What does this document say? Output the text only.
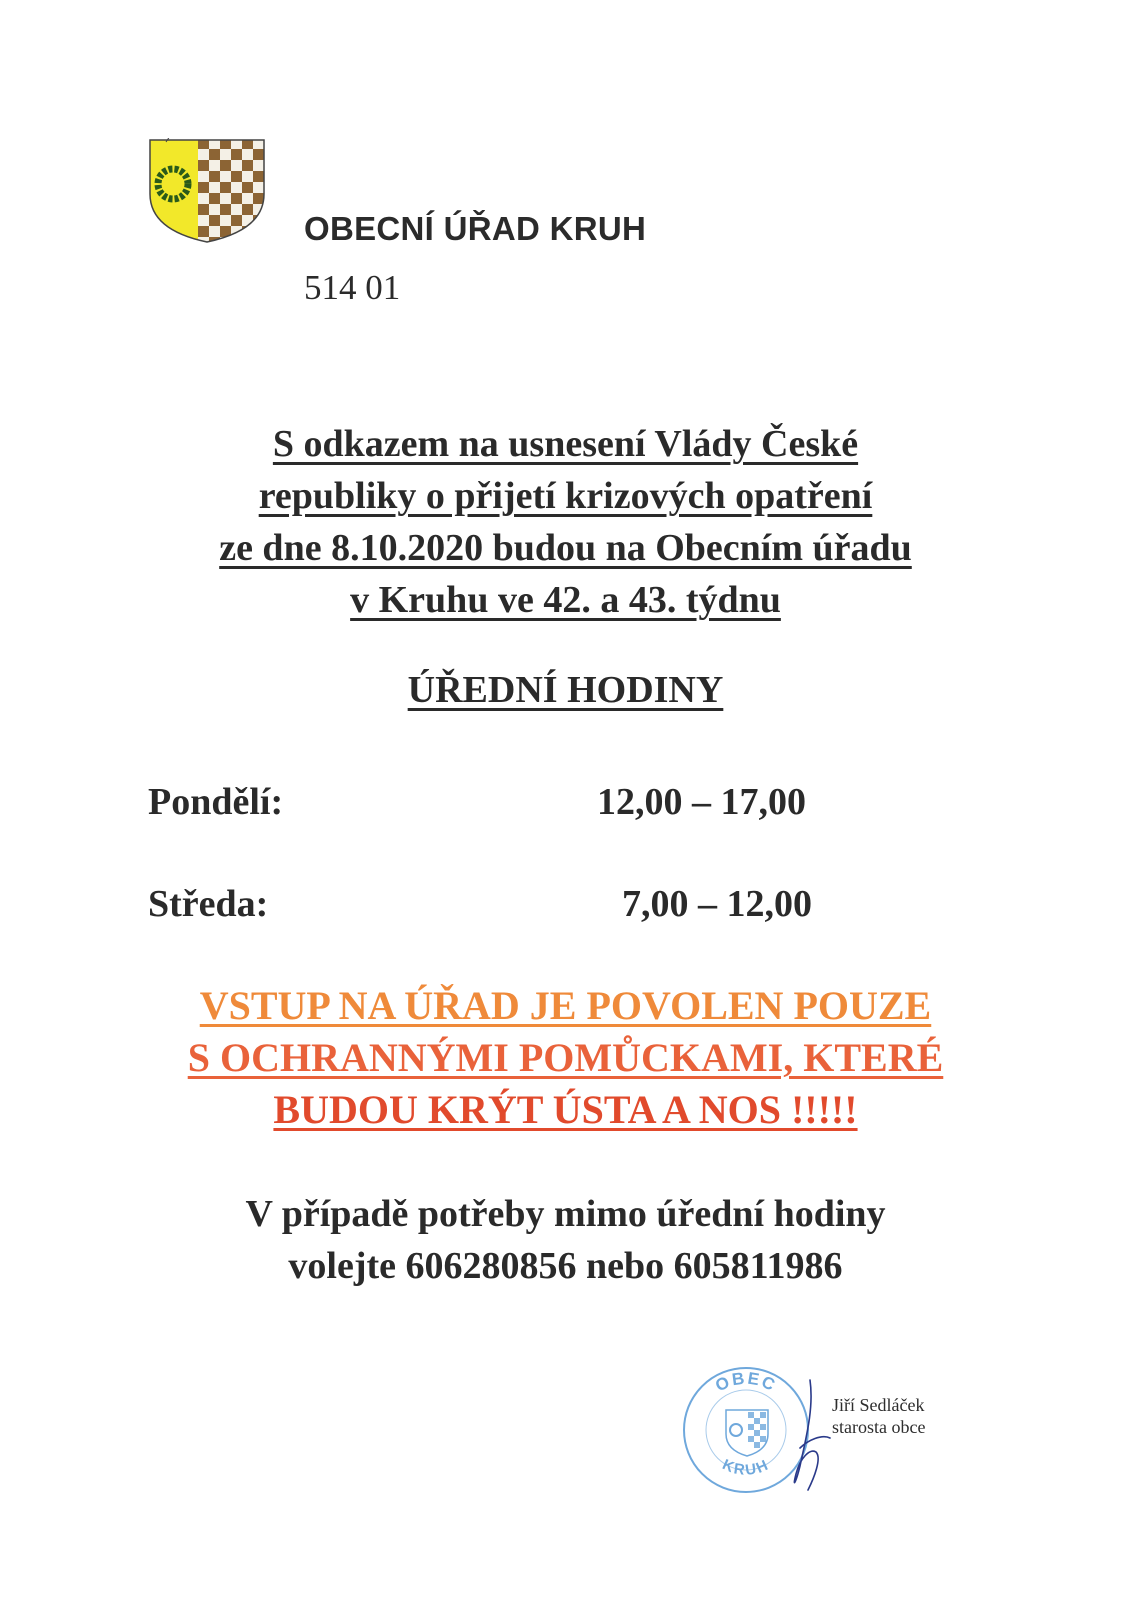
OBECNÍ ÚŘAD KRUH
514 01
S odkazem na usnesení Vlády České
republiky o přijetí krizových opatření
ze dne 8.10.2020 budou na Obecním úřadu
v Kruhu ve 42. a 43. týdnu
ÚŘEDNÍ HODINY
Pondělí:	12,00 – 17,00
Středa:	7,00 – 12,00
VSTUP NA ÚŘAD JE POVOLEN POUZE
S OCHRANNÝMI POMŮCKAMI, KTERÉ
BUDOU KRÝT ÚSTA A NOS !!!!!
V případě potřeby mimo úřední hodiny
volejte 606280856 nebo 605811986
OBEC
KRUH
Jiří Sedláček
starosta obce
